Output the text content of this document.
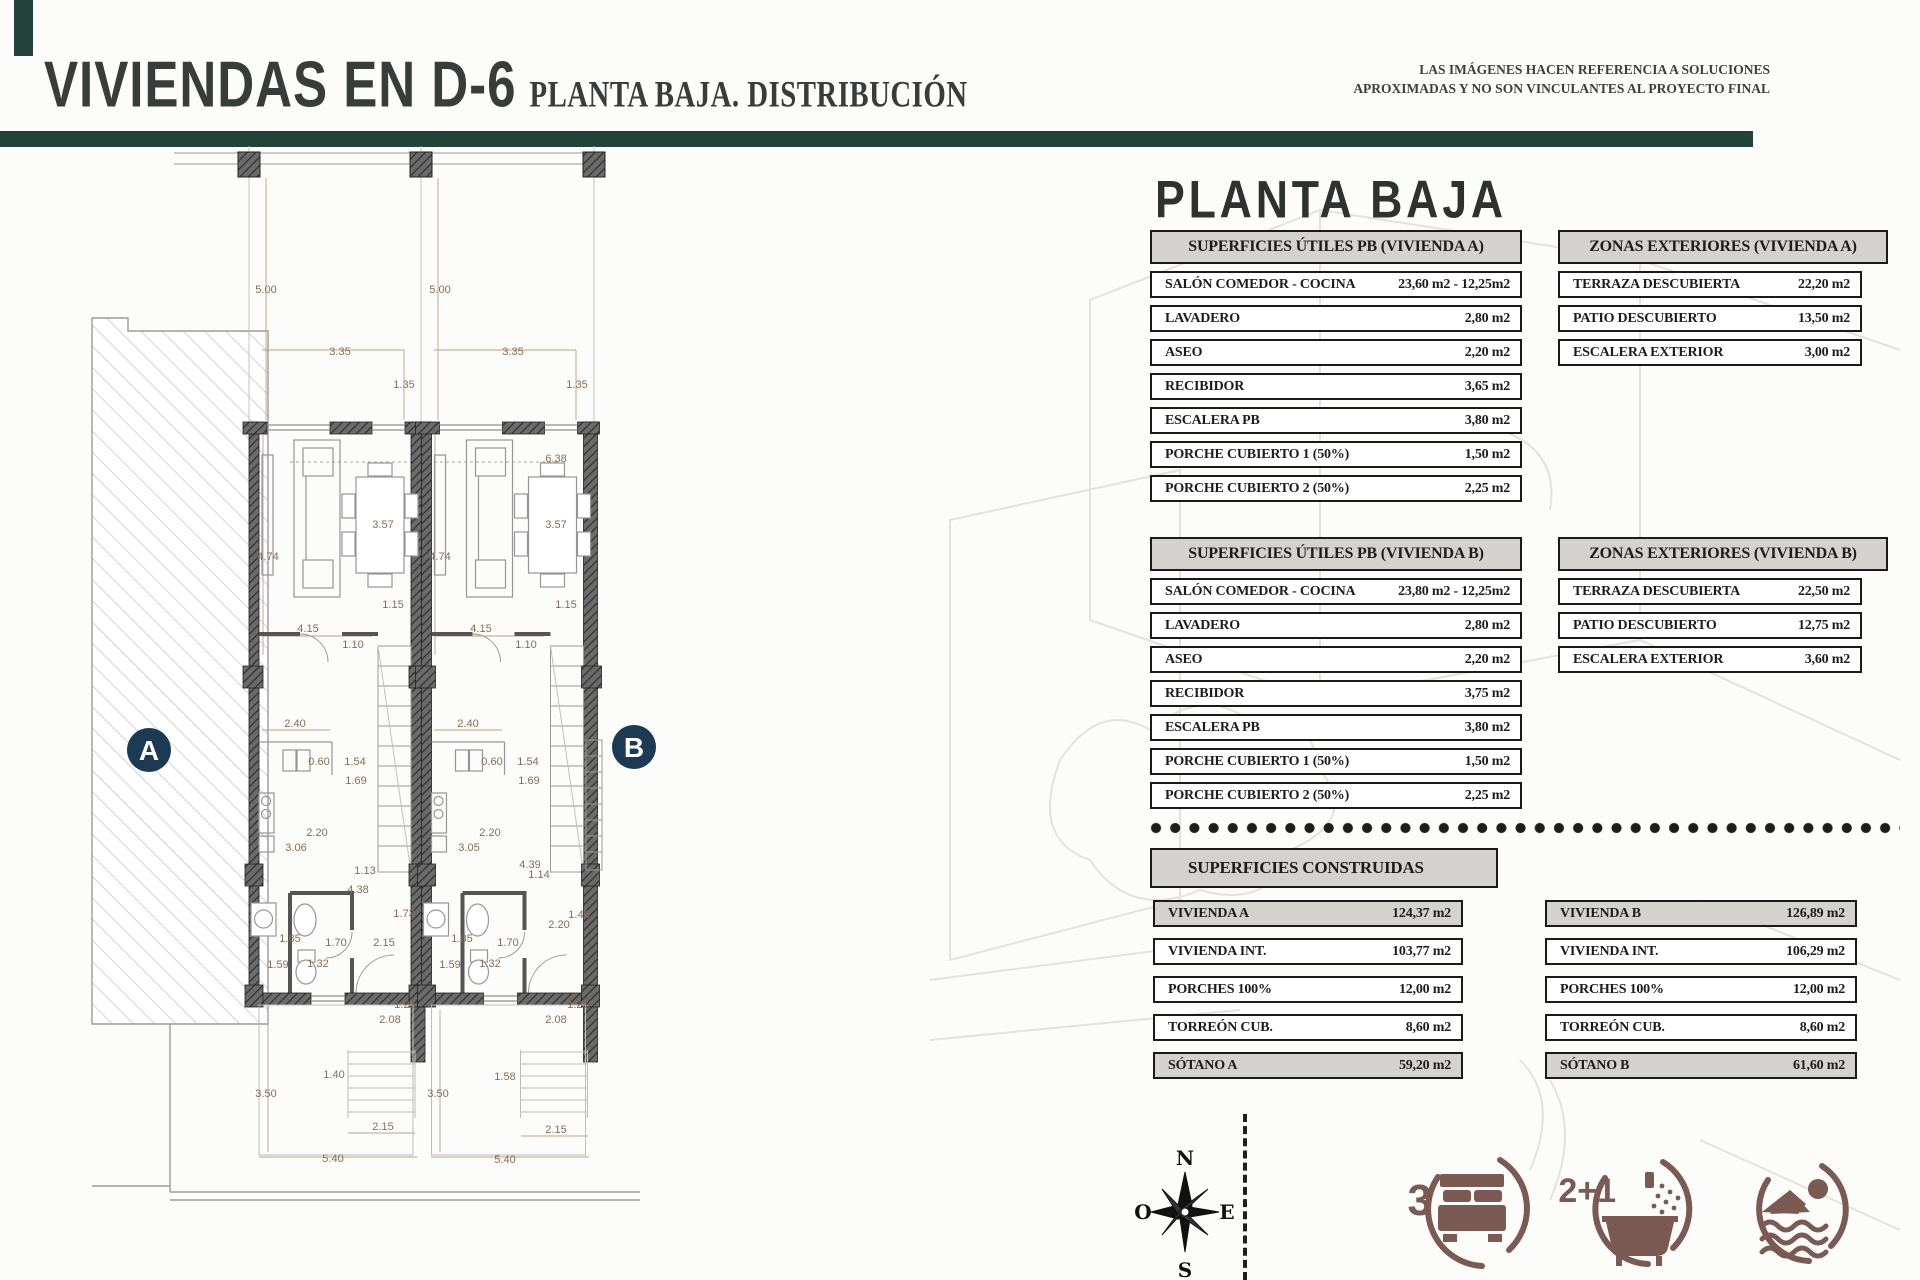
VIVIENDAS EN D-6 PLANTA BAJA. DISTRIBUCIÓN
LAS IMÁGENES HACEN REFERENCIA A SOLUCIONES
APROXIMADAS Y NO SON VINCULANTES AL PROYECTO FINAL
5.00	5.00
3.35	3.35
1.35	1.35
3.57	3.57
4.74	4.74
6.38
1.15	1.15
4.15	4.15
1.10	1.10
2.40	2.40
0.60	0.60
1.54	1.54
1.69	1.69
2.20	2.20
3.06	3.05
1.13	1.14
4.38
4.39
1.73	1.49
2.15
2.20
1.85	1.85
1.70	1.70
1.59	1.59
1.32	1.32
1.25	1.25
2.08	2.08
1.40	1.58
3.50	3.50
2.15	2.15
5.40	5.40
A	B
PLANTA BAJA
SUPERFICIES ÚTILES PB (VIVIENDA A)
SALÓN COMEDOR - COCINA	23,60 m2 - 12,25m2
LAVADERO	2,80 m2
ASEO	2,20 m2
RECIBIDOR	3,65 m2
ESCALERA PB	3,80 m2
PORCHE CUBIERTO 1 (50%)	1,50 m2
PORCHE CUBIERTO 2 (50%)	2,25 m2
ZONAS EXTERIORES (VIVIENDA A)
TERRAZA DESCUBIERTA	22,20 m2
PATIO DESCUBIERTO	13,50 m2
ESCALERA EXTERIOR	3,00 m2
SUPERFICIES ÚTILES PB (VIVIENDA B)
SALÓN COMEDOR - COCINA	23,80 m2 - 12,25m2
LAVADERO	2,80 m2
ASEO	2,20 m2
RECIBIDOR	3,75 m2
ESCALERA PB	3,80 m2
PORCHE CUBIERTO 1 (50%)	1,50 m2
PORCHE CUBIERTO 2 (50%)	2,25 m2
ZONAS EXTERIORES (VIVIENDA B)
TERRAZA DESCUBIERTA	22,50 m2
PATIO DESCUBIERTO	12,75 m2
ESCALERA EXTERIOR	3,60 m2
SUPERFICIES CONSTRUIDAS
VIVIENDA A	124,37 m2
VIVIENDA INT.	103,77 m2
PORCHES 100%	12,00 m2
TORREÓN CUB.	8,60 m2
SÓTANO A	59,20 m2
VIVIENDA B	126,89 m2
VIVIENDA INT.	106,29 m2
PORCHES 100%	12,00 m2
TORREÓN CUB.	8,60 m2
SÓTANO B	61,60 m2
N
E
S
O	3	2+1
